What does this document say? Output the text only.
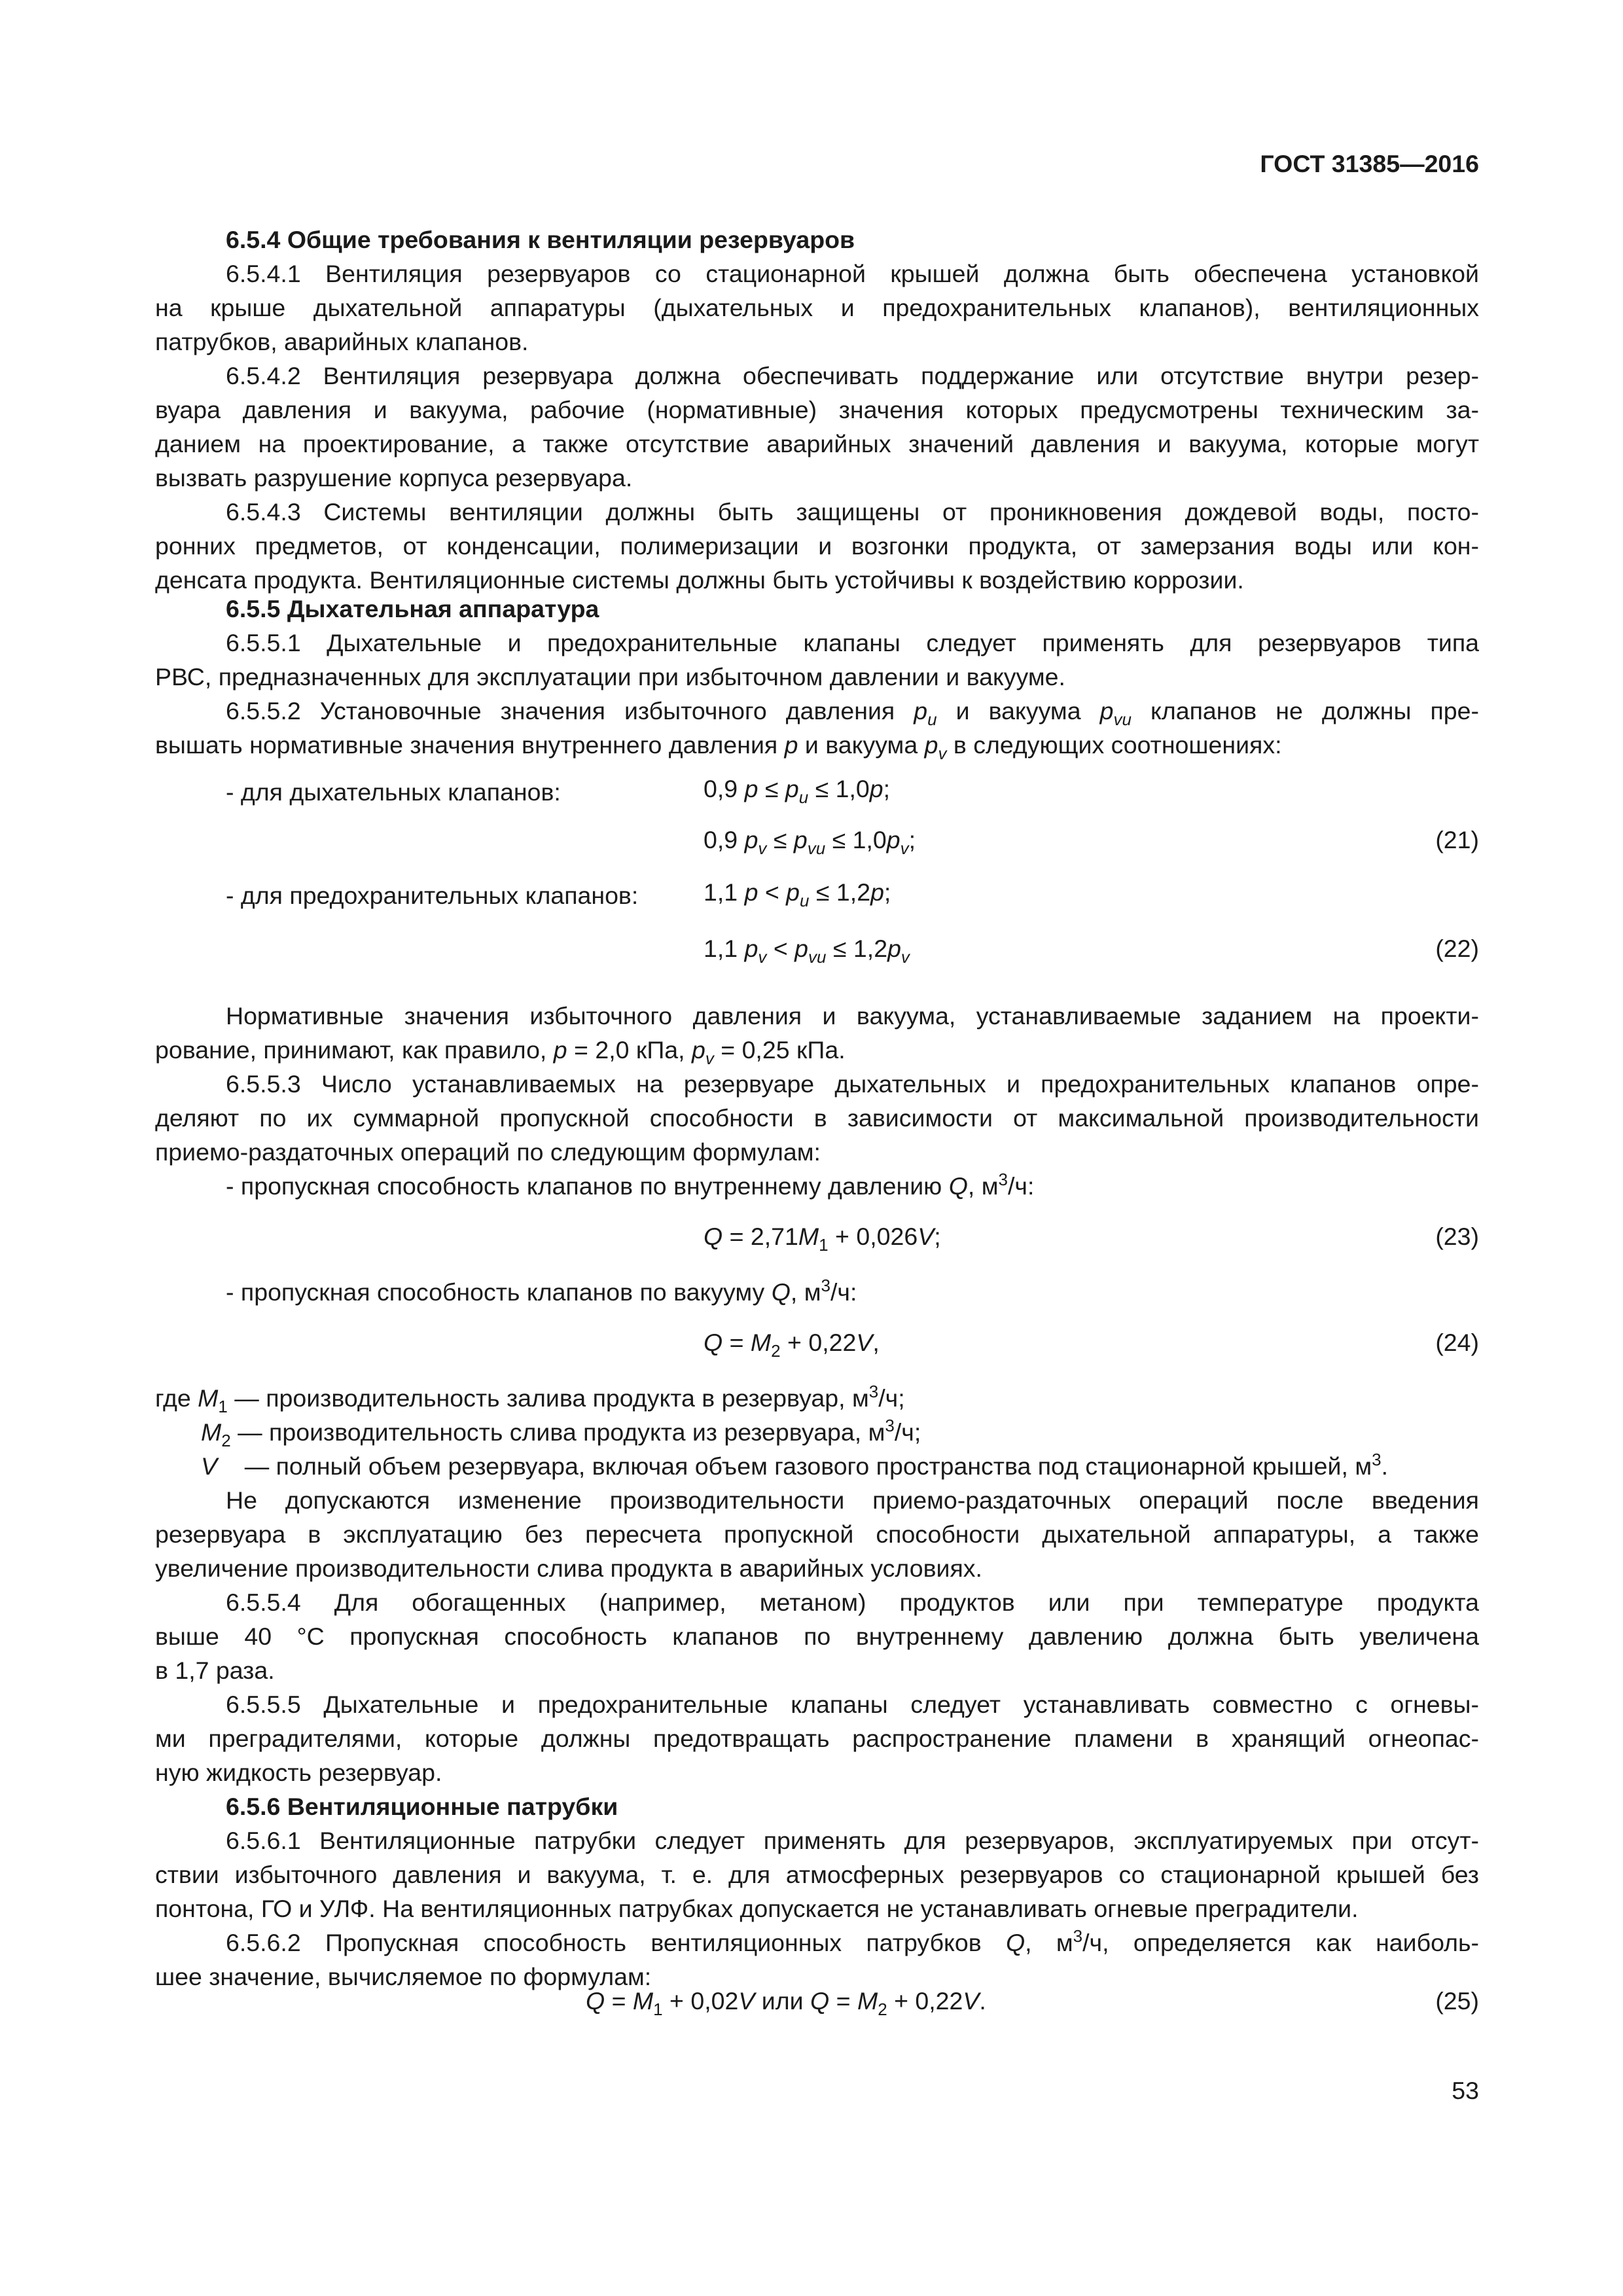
ГОСТ 31385—2016
6.5.4 Общие требования к вентиляции резервуаров
6.5.4.1 Вентиляция резервуаров со стационарной крышей должна быть обеспечена установкой
на крыше дыхательной аппаратуры (дыхательных и предохранительных клапанов), вентиляционных
патрубков, аварийных клапанов.
6.5.4.2 Вентиляция резервуара должна обеспечивать поддержание или отсутствие внутри резер-
вуара давления и вакуума, рабочие (нормативные) значения которых предусмотрены техническим за-
данием на проектирование, а также отсутствие аварийных значений давления и вакуума, которые могут
вызвать разрушение корпуса резервуара.
6.5.4.3 Системы вентиляции должны быть защищены от проникновения дождевой воды, посто-
ронних предметов, от конденсации, полимеризации и возгонки продукта, от замерзания воды или кон-
денсата продукта. Вентиляционные системы должны быть устойчивы к воздействию коррозии.
6.5.5 Дыхательная аппаратура
6.5.5.1 Дыхательные и предохранительные клапаны следует применять для резервуаров типа
РВС, предназначенных для эксплуатации при избыточном давлении и вакууме.
6.5.5.2 Установочные значения избыточного давления $p_u$ и вакуума $p_{vu}$ клапанов не должны пре-
вышать нормативные значения внутреннего давления p и вакуума $p_v$ в следующих соотношениях:
- для дыхательных клапанов:	0,9 $p \le p_u \le 1,0p$;
0,9 $p_v \le p_{vu} \le 1,0p_v$;	(21)
- для предохранительных клапанов:	1,1 $p < p_u \le 1,2p$;
1,1 $p_v < p_{vu} \le 1,2p_v$	(22)
Нормативные значения избыточного давления и вакуума, устанавливаемые заданием на проекти-
рование, принимают, как правило, p = 2,0 кПа, $p_v = 0,25$ кПа.
6.5.5.3 Число устанавливаемых на резервуаре дыхательных и предохранительных клапанов опре-
деляют по их суммарной пропускной способности в зависимости от максимальной производительности
приемо-раздаточных операций по следующим формулам:
- пропускная способность клапанов по внутреннему давлению Q, $м^3/ч$:
$Q = 2,71M_1 + 0,026V$;	(23)
- пропускная способность клапанов по вакууму Q, $м^3/ч$:
$Q = M_2 + 0,22V$,	(24)
где $M_1$ — производительность залива продукта в резервуар, $м^3/ч$;
$M_2$ — производительность слива продукта из резервуара, $м^3/ч$;
V    — полный объем резервуара, включая объем газового пространства под стационарной крышей, $м^3$.
Не допускаются изменение производительности приемо-раздаточных операций после введения
резервуара в эксплуатацию без пересчета пропускной способности дыхательной аппаратуры, а также
увеличение производительности слива продукта в аварийных условиях.
6.5.5.4 Для обогащенных (например, метаном) продуктов или при температуре продукта
выше 40 °С пропускная способность клапанов по внутреннему давлению должна быть увеличена
в 1,7 раза.
6.5.5.5 Дыхательные и предохранительные клапаны следует устанавливать совместно с огневы-
ми преградителями, которые должны предотвращать распространение пламени в хранящий огнеопас-
ную жидкость резервуар.
6.5.6 Вентиляционные патрубки
6.5.6.1 Вентиляционные патрубки следует применять для резервуаров, эксплуатируемых при отсут-
ствии избыточного давления и вакуума, т. е. для атмосферных резервуаров со стационарной крышей без
понтона, ГО и УЛФ. На вентиляционных патрубках допускается не устанавливать огневые преградители.
6.5.6.2 Пропускная способность вентиляционных патрубков Q, $м^3/ч$, определяется как наиболь-
шее значение, вычисляемое по формулам:
$Q = M_1 + 0,02V$ или $Q = M_2 + 0,22V$.	(25)
53
